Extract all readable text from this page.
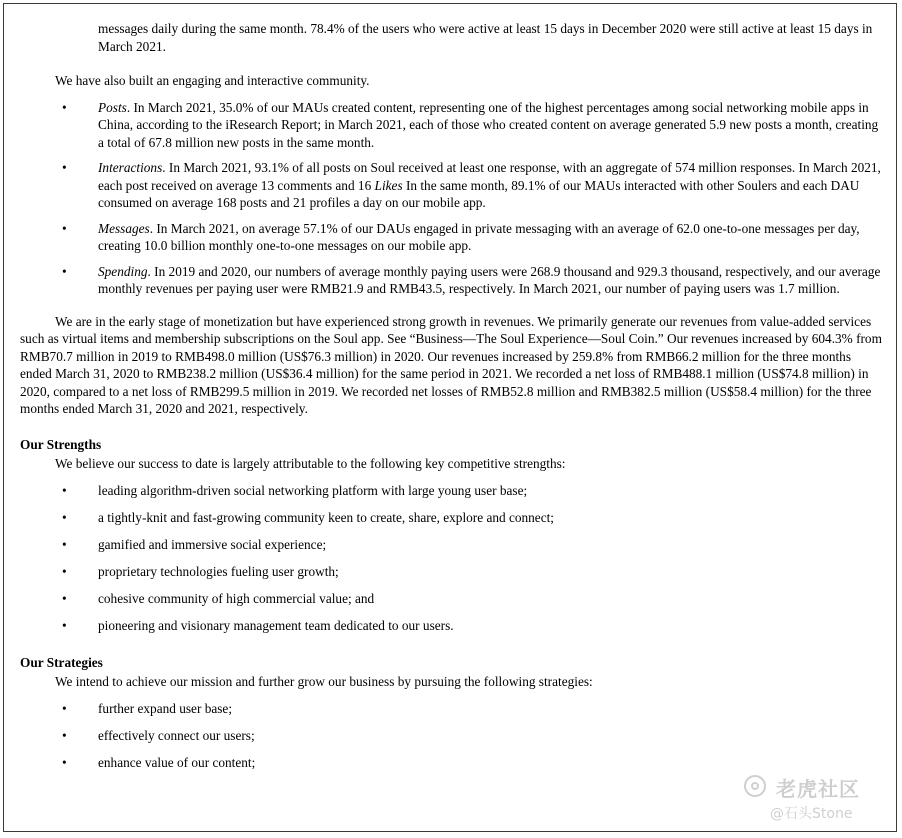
messages daily during the same month. 78.4% of the users who were active at least 15 days in December 2020 were still active at least 15 days in March 2021.

We have also built an engaging and interactive community.

• Posts. In March 2021, 35.0% of our MAUs created content, representing one of the highest percentages among social networking mobile apps in China, according to the iResearch Report; in March 2021, each of those who created content on average generated 5.9 new posts a month, creating a total of 67.8 million new posts in the same month.
• Interactions. In March 2021, 93.1% of all posts on Soul received at least one response, with an aggregate of 574 million responses. In March 2021, each post received on average 13 comments and 16 Likes In the same month, 89.1% of our MAUs interacted with other Soulers and each DAU consumed on average 168 posts and 21 profiles a day on our mobile app.
• Messages. In March 2021, on average 57.1% of our DAUs engaged in private messaging with an average of 62.0 one-to-one messages per day, creating 10.0 billion monthly one-to-one messages on our mobile app.
• Spending. In 2019 and 2020, our numbers of average monthly paying users were 268.9 thousand and 929.3 thousand, respectively, and our average monthly revenues per paying user were RMB21.9 and RMB43.5, respectively. In March 2021, our number of paying users was 1.7 million.

We are in the early stage of monetization but have experienced strong growth in revenues. We primarily generate our revenues from value-added services such as virtual items and membership subscriptions on the Soul app. See “Business—The Soul Experience—Soul Coin.” Our revenues increased by 604.3% from RMB70.7 million in 2019 to RMB498.0 million (US$76.3 million) in 2020. Our revenues increased by 259.8% from RMB66.2 million for the three months ended March 31, 2020 to RMB238.2 million (US$36.4 million) for the same period in 2021. We recorded a net loss of RMB488.1 million (US$74.8 million) in 2020, compared to a net loss of RMB299.5 million in 2019. We recorded net losses of RMB52.8 million and RMB382.5 million (US$58.4 million) for the three months ended March 31, 2020 and 2021, respectively.

Our Strengths

We believe our success to date is largely attributable to the following key competitive strengths:

• leading algorithm-driven social networking platform with large young user base;
• a tightly-knit and fast-growing community keen to create, share, explore and connect;
• gamified and immersive social experience;
• proprietary technologies fueling user growth;
• cohesive community of high commercial value; and
• pioneering and visionary management team dedicated to our users.

Our Strategies

We intend to achieve our mission and further grow our business by pursuing the following strategies:

• further expand user base;
• effectively connect our users;
• enhance value of our content;
老虎社区
@石头Stone
